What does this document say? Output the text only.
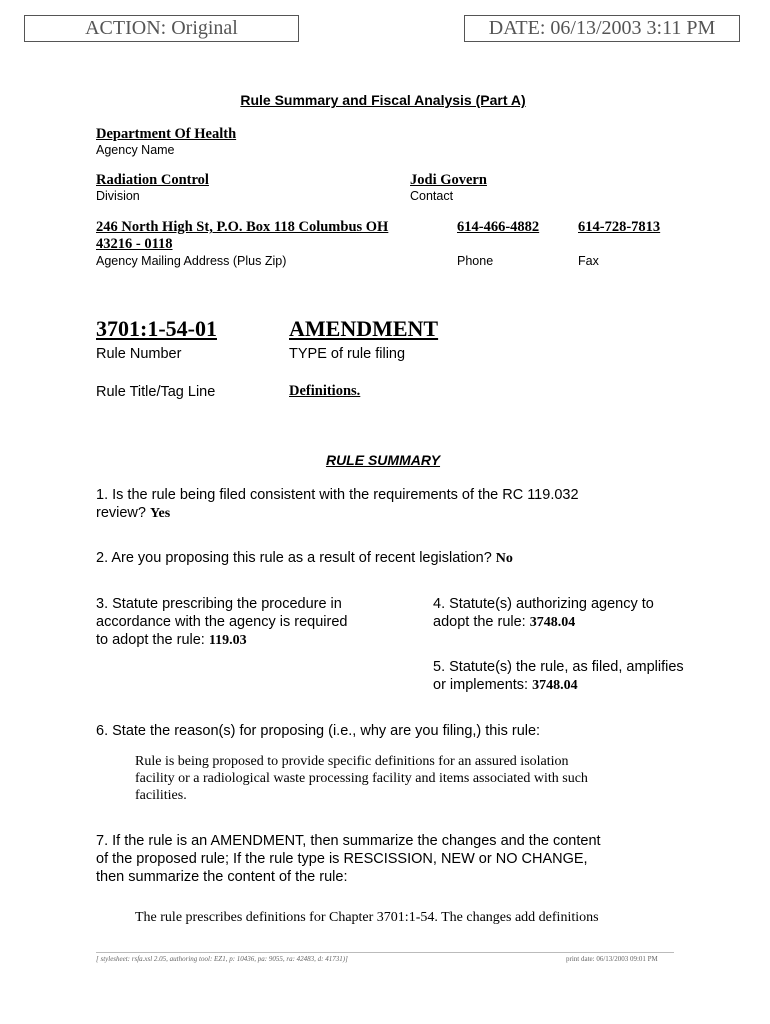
ACTION: Original	DATE: 06/13/2003 3:11 PM
Rule Summary and Fiscal Analysis (Part A)
Department Of Health
Agency Name
Radiation Control
Division
Jodi Govern
Contact
246 North High St, P.O. Box 118 Columbus OH
43216 - 0118
Agency Mailing Address (Plus Zip)
614-466-4882
Phone
614-728-7813
Fax
3701:1-54-01
Rule Number
AMENDMENT
TYPE of rule filing
Rule Title/Tag Line	Definitions.
RULE SUMMARY
1. Is the rule being filed consistent with the requirements of the RC 119.032
review? Yes
2. Are you proposing this rule as a result of recent legislation? No
3. Statute prescribing the procedure in
accordance with the agency is required
to adopt the rule: 119.03
4. Statute(s) authorizing agency to
adopt the rule: 3748.04
5. Statute(s) the rule, as filed, amplifies
or implements: 3748.04
6. State the reason(s) for proposing (i.e., why are you filing,) this rule:
Rule is being proposed to provide specific definitions for an assured isolation
facility or a radiological waste processing facility and items associated with such
facilities.
7. If the rule is an AMENDMENT, then summarize the changes and the content
of the proposed rule; If the rule type is RESCISSION, NEW or NO CHANGE,
then summarize the content of the rule:
The rule prescribes definitions for Chapter 3701:1-54. The changes add definitions
[ stylesheet: rsfa.xsl 2.05, authoring tool: EZ1, p: 10436, pa: 9055, ra: 42483, d: 41731)]	print date: 06/13/2003 09:01 PM
